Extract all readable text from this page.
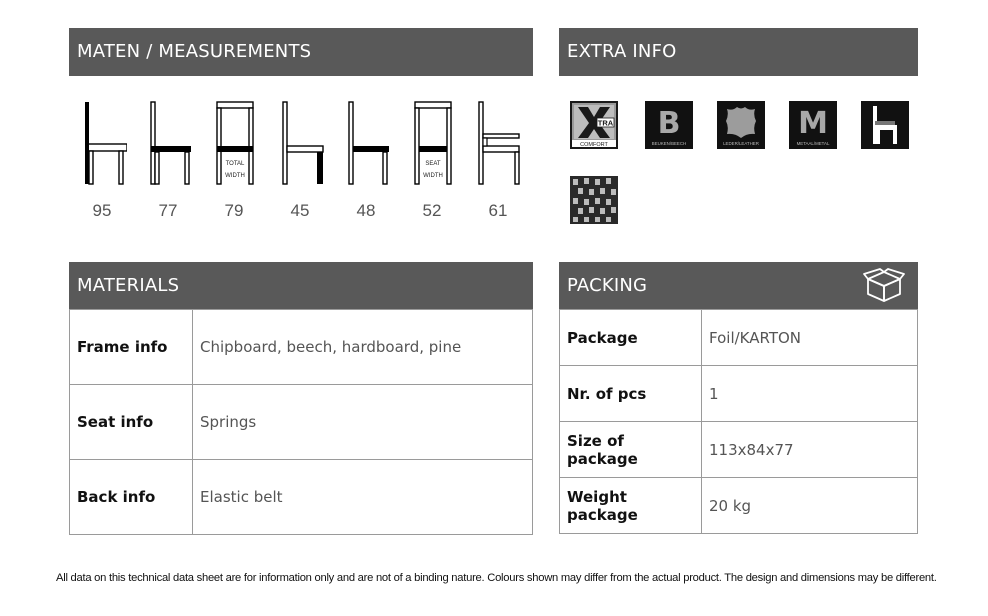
MATEN / MEASUREMENTS	EXTRA INFO
MATERIALS	PACKING
TOTAL
WIDTH
SEAT
WIDTH
95	77	79	45	48	52	61
TRA
COMFORT
B
BEUKEN/BEECH	LEDER/LEATHER
M
METAAL/METAL
Frame info	Chipboard, beech, hardboard, pine
Seat info	Springs
Back info	Elastic belt
Package	Foil/KARTON
Nr. of pcs	1
Size of package	113x84x77
Weight package	20 kg
All data on this technical data sheet are for information only and are not of a binding nature. Colours shown may differ from the actual product. The design and dimensions may be different.
